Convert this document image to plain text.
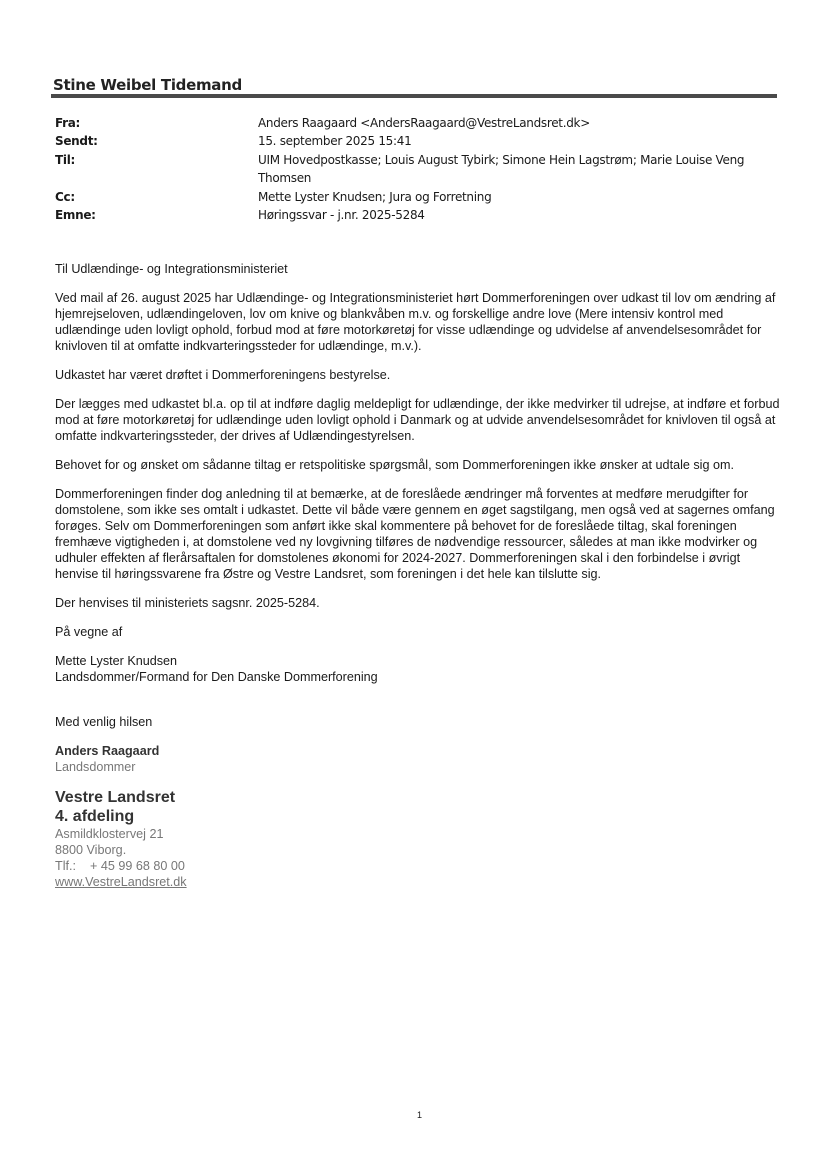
Stine Weibel Tidemand
Fra:	Anders Raagaard <AndersRaagaard@VestreLandsret.dk>
Sendt:	15. september 2025 15:41
Til:	UIM Hovedpostkasse; Louis August Tybirk; Simone Hein Lagstrøm; Marie Louise Veng Thomsen
Cc:	Mette Lyster Knudsen; Jura og Forretning
Emne:	Høringssvar - j.nr. 2025-5284

Til Udlændinge- og Integrationsministeriet

Ved mail af 26. august 2025 har Udlændinge- og Integrationsministeriet hørt Dommerforeningen over udkast til lov om ændring af hjemrejseloven, udlændingeloven, lov om knive og blankvåben m.v. og forskellige andre love (Mere intensiv kontrol med udlændinge uden lovligt ophold, forbud mod at føre motorkøretøj for visse udlændinge og udvidelse af anvendelsesområdet for knivloven til at omfatte indkvarteringssteder for udlændinge, m.v.).

Udkastet har været drøftet i Dommerforeningens bestyrelse.

Der lægges med udkastet bl.a. op til at indføre daglig meldepligt for udlændinge, der ikke medvirker til udrejse, at indføre et forbud mod at føre motorkøretøj for udlændinge uden lovligt ophold i Danmark og at udvide anvendelsesområdet for knivloven til også at omfatte indkvarteringssteder, der drives af Udlændingestyrelsen.

Behovet for og ønsket om sådanne tiltag er retspolitiske spørgsmål, som Dommerforeningen ikke ønsker at udtale sig om.

Dommerforeningen finder dog anledning til at bemærke, at de foreslåede ændringer må forventes at medføre merudgifter for domstolene, som ikke ses omtalt i udkastet. Dette vil både være gennem en øget sagstilgang, men også ved at sagernes omfang forøges. Selv om Dommerforeningen som anført ikke skal kommentere på behovet for de foreslåede tiltag, skal foreningen fremhæve vigtigheden i, at domstolene ved ny lovgivning tilføres de nødvendige ressourcer, således at man ikke modvirker og udhuler effekten af flerårsaftalen for domstolenes økonomi for 2024-2027. Dommerforeningen skal i den forbindelse i øvrigt henvise til høringssvarene fra Østre og Vestre Landsret, som foreningen i det hele kan tilslutte sig.

Der henvises til ministeriets sagsnr. 2025-5284.

På vegne af

Mette Lyster Knudsen
Landsdommer/Formand for Den Danske Dommerforening

Med venlig hilsen

Anders Raagaard
Landsdommer
Vestre Landsret
4. afdeling
Asmildklostervej 21
8800 Viborg.
Tlf.:    + 45 99 68 80 00
www.VestreLandsret.dk
1
